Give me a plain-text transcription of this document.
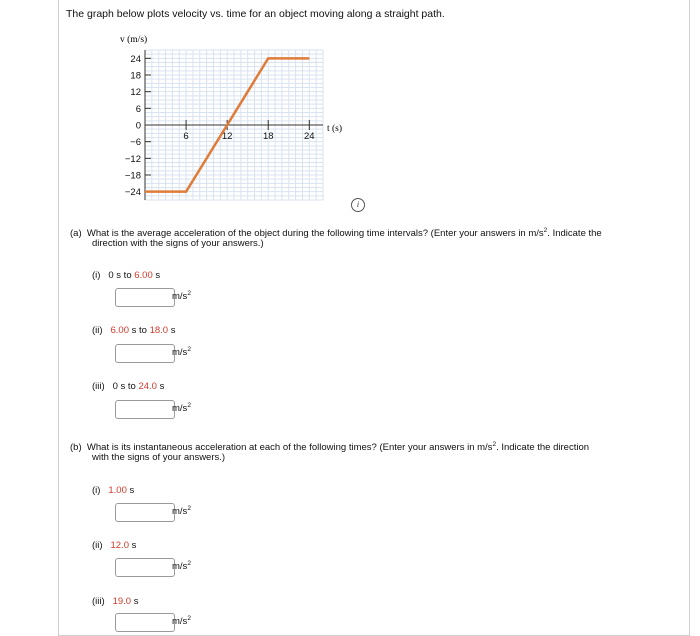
The graph below plots velocity vs. time for an object moving along a straight path.
24
18
12
6
0
−6
−12
−18
−24
6	12	18	24
v (m/s)
t (s)
i
(a) What is the average acceleration of the object during the following time intervals? (Enter your answers in $m/s^2$. Indicate the
direction with the signs of your answers.)
(i) 0 s to 6.00 s
$m/s^2$
(ii) 6.00 s to 18.0 s
$m/s^2$
(iii) 0 s to 24.0 s
$m/s^2$
(b) What is its instantaneous acceleration at each of the following times? (Enter your answers in $m/s^2$. Indicate the direction
with the signs of your answers.)
(i) 1.00 s
$m/s^2$
(ii) 12.0 s
$m/s^2$
(iii) 19.0 s
$m/s^2$
